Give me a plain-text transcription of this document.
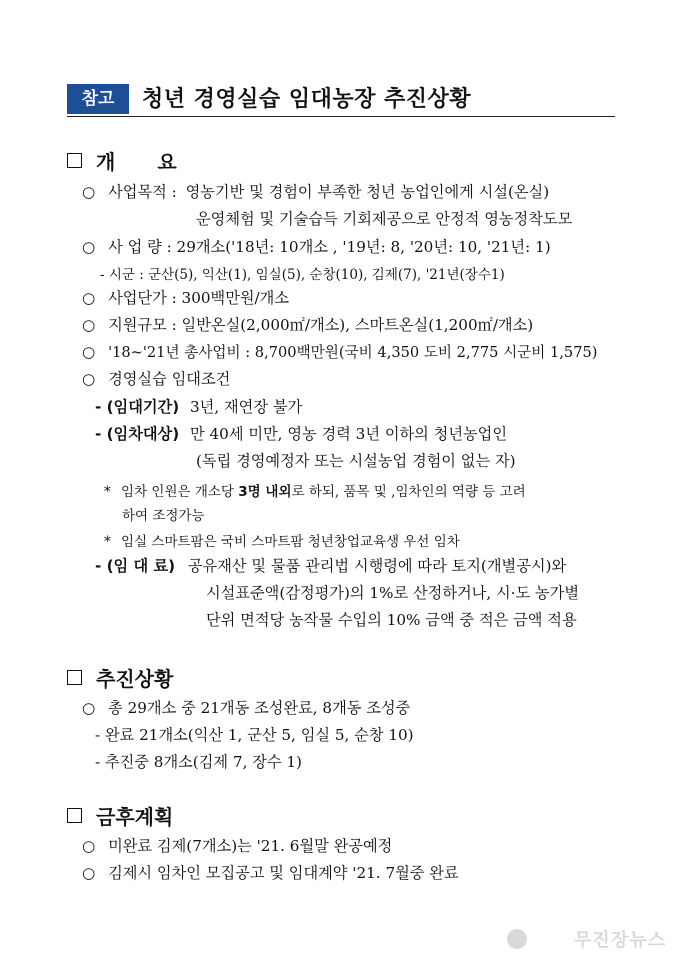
참고	청년 경영실습 임대농장 추진상황
개 요
○ 사업목적 : 영농기반 및 경험이 부족한 청년 농업인에게 시설(온실)
운영체험 및 기술습득 기회제공으로 안정적 영농정착도모
○ 사 업 량 : 29개소('18년: 10개소 , '19년: 8, '20년: 10, '21년: 1)
- 시군 : 군산(5), 익산(1), 임실(5), 순창(10), 김제(7), '21년(장수1)
○ 사업단가 : 300백만원/개소
○ 지원규모 : 일반온실(2,000㎡/개소), 스마트온실(1,200㎡/개소)
○ '18~'21년 총사업비 : 8,700백만원(국비 4,350 도비 2,775 시군비 1,575)
○ 경영실습 임대조건
- (임대기간) 3년, 재연장 불가
- (임차대상) 만 40세 미만, 영농 경력 3년 이하의 청년농업인
(독립 경영예정자 또는 시설농업 경험이 없는 자)
* 임차 인원은 개소당 3명 내외로 하되, 품목 및 ,임차인의 역량 등 고려
하여 조정가능
* 임실 스마트팜은 국비 스마트팜 청년창업교육생 우선 임차
- (임 대 료) 공유재산 및 물품 관리법 시행령에 따라 토지(개별공시)와
시설표준액(감정평가)의 1%로 산정하거나, 시·도 농가별
단위 면적당 농작물 수입의 10% 금액 중 적은 금액 적용
추진상황
○ 총 29개소 중 21개동 조성완료, 8개동 조성중
- 완료 21개소(익산 1, 군산 5, 임실 5, 순창 10)
- 추진중 8개소(김제 7, 장수 1)
금후계획
○ 미완료 김제(7개소)는 '21. 6월말 완공예정
○ 김제시 임차인 모집공고 및 임대계약 '21. 7월중 완료
무진장뉴스
